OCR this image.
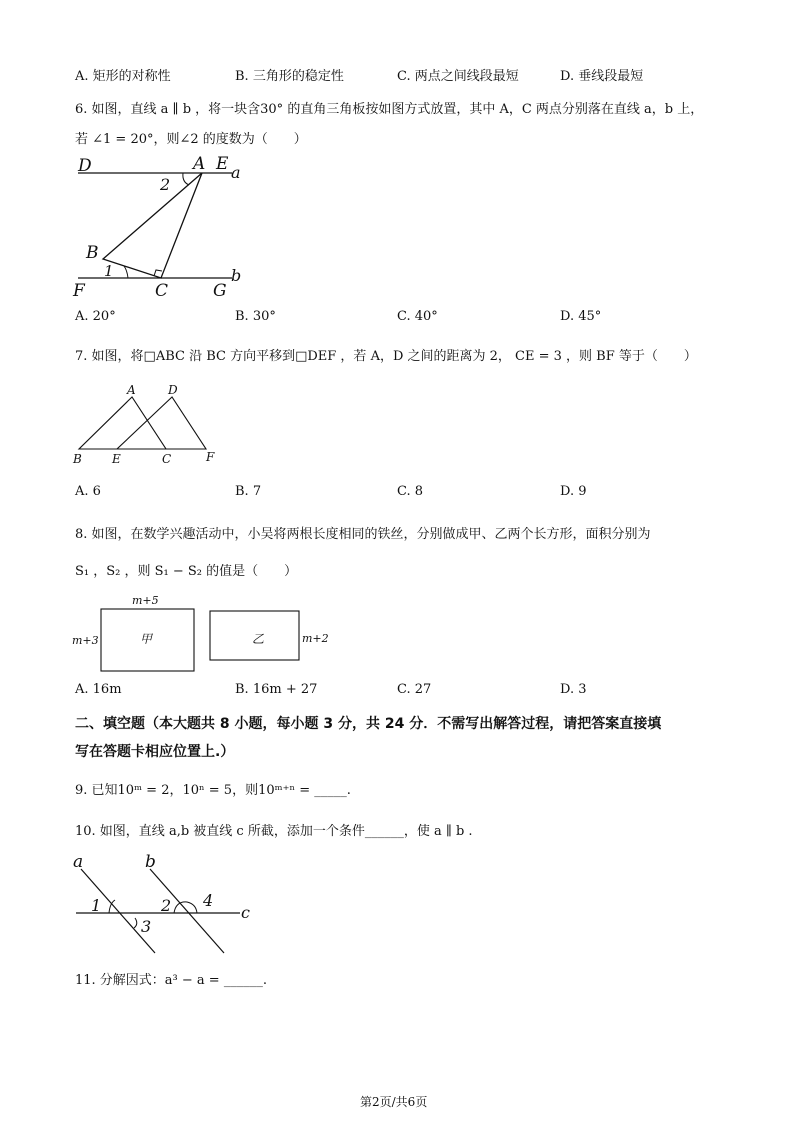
A. 矩形的对称性	B. 三角形的稳定性	C. 两点之间线段最短	D. 垂线段最短
6. 如图，直线 a ∥ b ，将一块含30° 的直角三角板按如图方式放置，其中 A，C 两点分别落在直线 a，b 上，
若 ∠1 = 20°，则∠2 的度数为（　　）
D	A E a
2
B
1	b
F	C	G
A. 20°	B. 30°	C. 40°	D. 45°
7. 如图，将□ABC 沿 BC 方向平移到□DEF ，若 A，D 之间的距离为 2， CE = 3 ，则 BF 等于（　　）
A	D
B	E	C	F
A. 6	B. 7	C. 8	D. 9
8. 如图，在数学兴趣活动中，小吴将两根长度相同的铁丝，分别做成甲、乙两个长方形，面积分别为
S₁ ，S₂ ，则 S₁ − S₂ 的值是（　　）
m+5
m+3	甲	乙	m+2
A. 16m	B. 16m + 27	C. 27	D. 3
二、填空题（本大题共 8 小题，每小题 3 分，共 24 分．不需写出解答过程，请把答案直接填
写在答题卡相应位置上.）
9. 已知10ᵐ = 2，10ⁿ = 5，则10ᵐ⁺ⁿ = _____.
10. 如图，直线 a,b 被直线 c 所截，添加一个条件______，使 a ∥ b .
a	b
c
1
3
2 4
11. 分解因式：a³ − a = ______.
第2页/共6页
